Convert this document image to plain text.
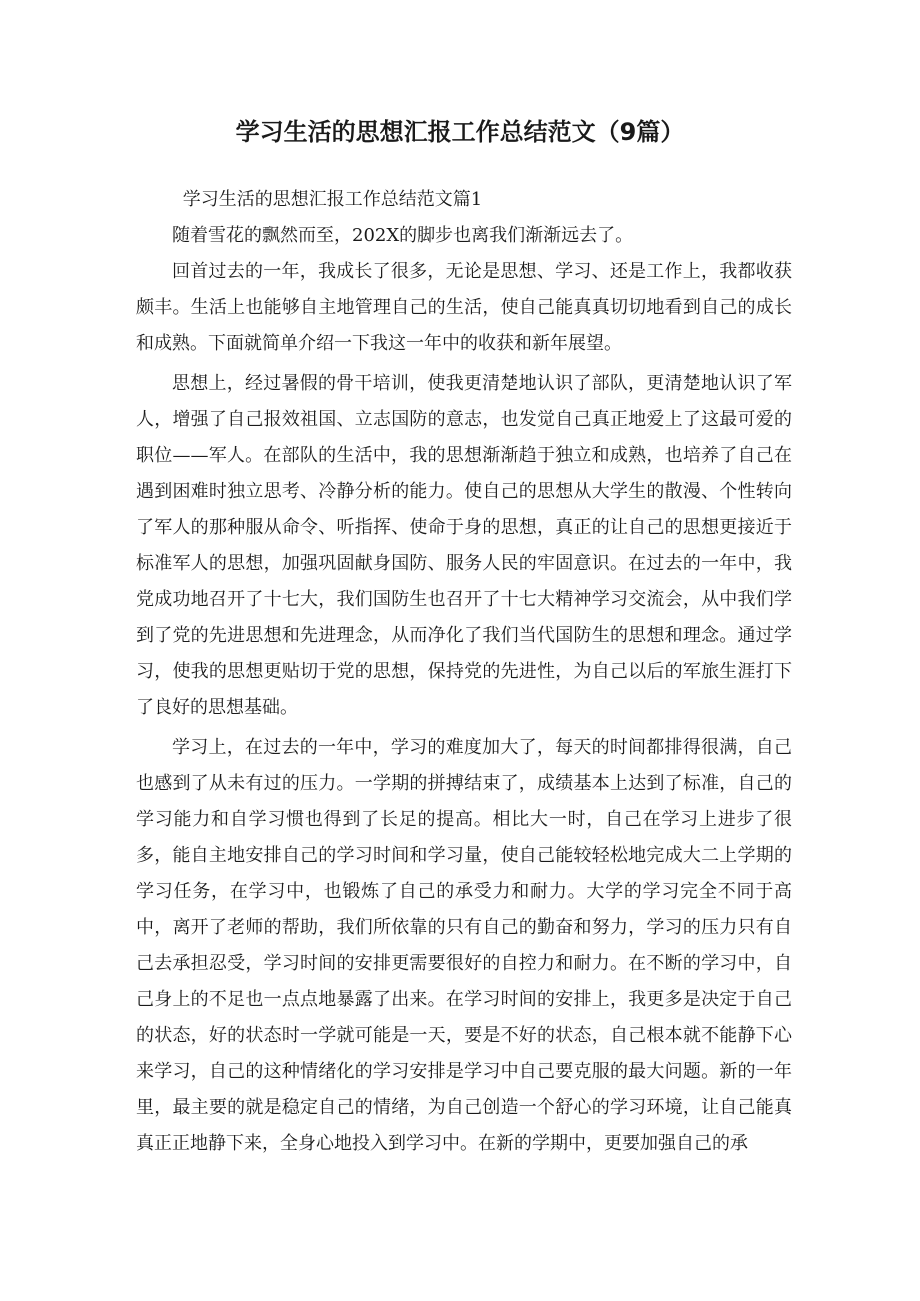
学习生活的思想汇报工作总结范文（9篇）

学习生活的思想汇报工作总结范文篇1

随着雪花的飘然而至，202X的脚步也离我们渐渐远去了。

回首过去的一年，我成长了很多，无论是思想、学习、还是工作上，我都收获颇丰。生活上也能够自主地管理自己的生活，使自己能真真切切地看到自己的成长和成熟。下面就简单介绍一下我这一年中的收获和新年展望。

思想上，经过暑假的骨干培训，使我更清楚地认识了部队，更清楚地认识了军人，增强了自己报效祖国、立志国防的意志，也发觉自己真正地爱上了这最可爱的职位——军人。在部队的生活中，我的思想渐渐趋于独立和成熟，也培养了自己在遇到困难时独立思考、冷静分析的能力。使自己的思想从大学生的散漫、个性转向了军人的那种服从命令、听指挥、使命于身的思想，真正的让自己的思想更接近于标准军人的思想，加强巩固献身国防、服务人民的牢固意识。在过去的一年中，我党成功地召开了十七大，我们国防生也召开了十七大精神学习交流会，从中我们学到了党的先进思想和先进理念，从而净化了我们当代国防生的思想和理念。通过学习，使我的思想更贴切于党的思想，保持党的先进性，为自己以后的军旅生涯打下了良好的思想基础。

学习上，在过去的一年中，学习的难度加大了，每天的时间都排得很满，自己也感到了从未有过的压力。一学期的拼搏结束了，成绩基本上达到了标准，自己的学习能力和自学习惯也得到了长足的提高。相比大一时，自己在学习上进步了很多，能自主地安排自己的学习时间和学习量，使自己能较轻松地完成大二上学期的学习任务，在学习中，也锻炼了自己的承受力和耐力。大学的学习完全不同于高中，离开了老师的帮助，我们所依靠的只有自己的勤奋和努力，学习的压力只有自己去承担忍受，学习时间的安排更需要很好的自控力和耐力。在不断的学习中，自己身上的不足也一点点地暴露了出来。在学习时间的安排上，我更多是决定于自己的状态，好的状态时一学就可能是一天，要是不好的状态，自己根本就不能静下心来学习，自己的这种情绪化的学习安排是学习中自己要克服的最大问题。新的一年里，最主要的就是稳定自己的情绪，为自己创造一个舒心的学习环境，让自己能真真正正地静下来，全身心地投入到学习中。在新的学期中，更要加强自己的承
